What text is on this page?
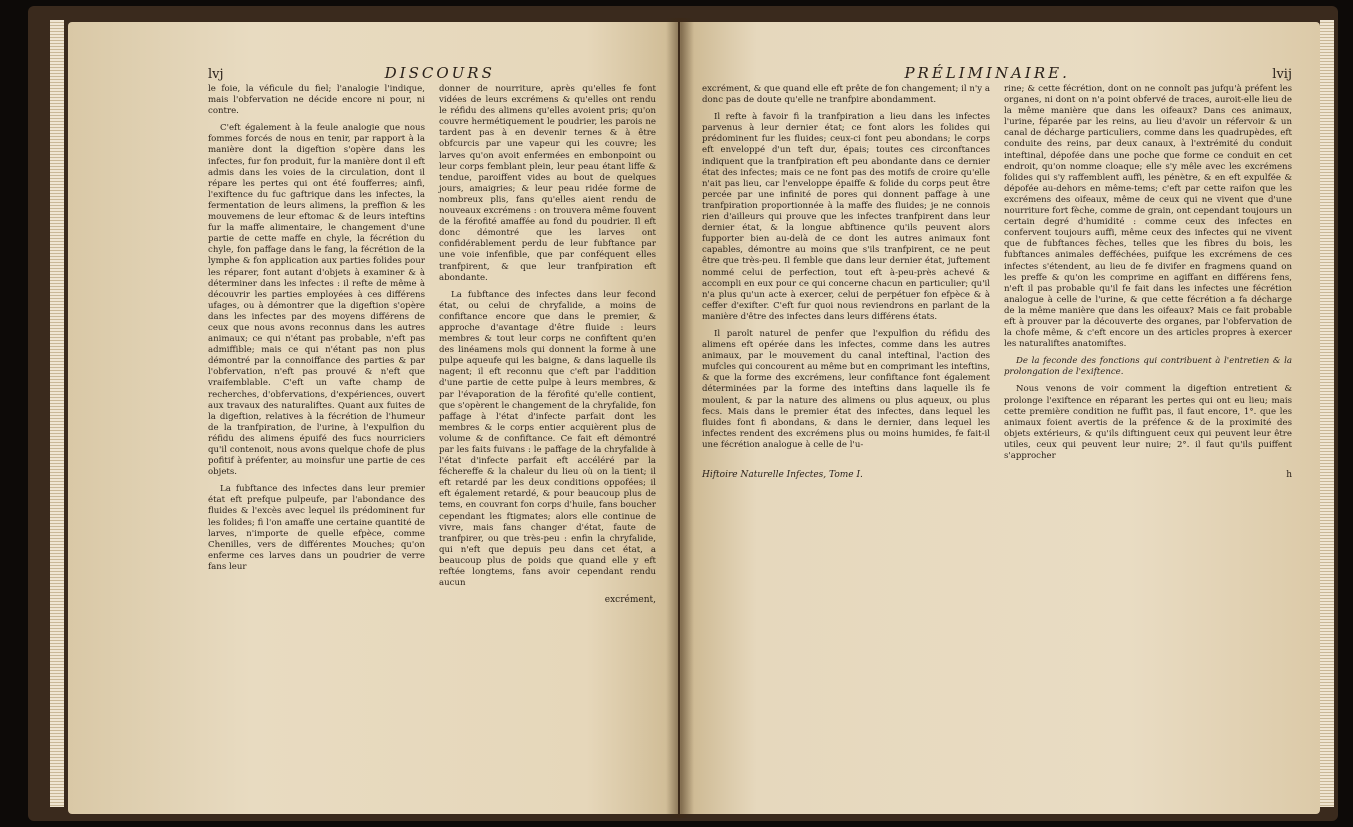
lvj	DISCOURS

le foie, la véficule du fiel; l'analogie l'indique, mais l'obfervation ne décide encore ni pour, ni contre.

C'eft également à la feule analogie que nous fommes forcés de nous en tenir, par rapport à la manière dont la digeftion s'opère dans les infectes, fur fon produit, fur la manière dont il eft admis dans les voies de la circulation, dont il répare les pertes qui ont été foufferres; ainfi, l'exiftence du fuc gaftrique dans les infectes, la fermentation de leurs alimens, la preffion & les mouvemens de leur eftomac & de leurs inteftins fur la maffe alimentaire, le changement d'une partie de cette maffe en chyle, la fécrétion du chyle, fon paffage dans le fang, la fécrétion de la lymphe & fon application aux parties folides pour les réparer, font autant d'objets à examiner & à déterminer dans les infectes : il refte de même à découvrir les parties employées à ces différens ufages, ou à démontrer que la digeftion s'opère dans les infectes par des moyens différens de ceux que nous avons reconnus dans les autres animaux; ce qui n'étant pas probable, n'eft pas admiffible; mais ce qui n'étant pas non plus démontré par la connoiffance des parties & par l'obfervation, n'eft pas prouvé & n'eft que vraifemblable. C'eft un vafte champ de recherches, d'obfervations, d'expériences, ouvert aux travaux des naturaliftes. Quant aux fuites de la digeftion, relatives à la fécrétion de l'humeur de la tranfpiration, de l'urine, à l'expulfion du réfidu des alimens épuifé des fucs nourriciers qu'il contenoit, nous avons quelque chofe de plus pofitif à préfenter, au moinsfur une partie de ces objets.

La fubftance des infectes dans leur premier état eft prefque pulpeufe, par l'abondance des fluides & l'excès avec lequel ils prédominent fur les folides; fi l'on amaffe une certaine quantité de larves, n'importe de quelle efpèce, comme Chenilles, vers de différentes Mouches; qu'on enferme ces larves dans un poudrier de verre fans leur

donner de nourriture, après qu'elles fe font vidées de leurs excrémens & qu'elles ont rendu le réfidu des alimens qu'elles avoient pris; qu'on couvre hermétiquement le poudrier, les parois ne tardent pas à en devenir ternes & à être obfcurcis par une vapeur qui les couvre; les larves qu'on avoit enfermées en embonpoint ou leur corps femblant plein, leur peau étant liffe & tendue, paroiffent vides au bout de quelques jours, amaigries; & leur peau ridée forme de nombreux plis, fans qu'elles aient rendu de nouveaux excrémens : on trouvera même fouvent de la férofité amaffée au fond du poudrier. Il eft donc démontré que les larves ont confidérablement perdu de leur fubftance par une voie infenfible, que par conféquent elles tranfpirent, & que leur tranfpiration eft abondante.

La fubftance des infectes dans leur fecond état, ou celui de chryfalide, a moins de confiftance encore que dans le premier, & approche d'avantage d'être fluide : leurs membres & tout leur corps ne confiftent qu'en des linéamens mols qui donnent la forme à une pulpe aqueufe qui les baigne, & dans laquelle ils nagent; il eft reconnu que c'eft par l'addition d'une partie de cette pulpe à leurs membres, & par l'évaporation de la férofité qu'elle contient, que s'opèrent le changement de la chryfalide, fon paffage à l'état d'infecte parfait dont les membres & le corps entier acquièrent plus de volume & de confiftance. Ce fait eft démontré par les faits fuivans : le paffage de la chryfalide à l'état d'infecte parfait eft accéléré par la féchereffe & la chaleur du lieu où on la tient; il eft retardé par les deux conditions oppofées; il eft également retardé, & pour beaucoup plus de tems, en couvrant fon corps d'huile, fans boucher cependant les ftigmates; alors elle continue de vivre, mais fans changer d'état, faute de tranfpirer, ou que très-peu : enfin la chryfalide, qui n'eft que depuis peu dans cet état, a beaucoup plus de poids que quand elle y eft reftée longtems, fans avoir cependant rendu aucun

excrément,
PRÉLIMINAIRE.	lvij

excrément, & que quand elle eft prête de fon changement; il n'y a donc pas de doute qu'elle ne tranfpire abondamment.

Il refte à favoir fi la tranfpiration a lieu dans les infectes parvenus à leur dernier état; ce font alors les folides qui prédominent fur les fluides; ceux-ci font peu abondans; le corps eft enveloppé d'un teft dur, épais; toutes ces circonftances indiquent que la tranfpiration eft peu abondante dans ce dernier état des infectes; mais ce ne font pas des motifs de croire qu'elle n'ait pas lieu, car l'enveloppe épaiffe & folide du corps peut être percée par une infinité de pores qui donnent paffage à une tranfpiration proportionnée à la maffe des fluides; je ne connois rien d'ailleurs qui prouve que les infectes tranfpirent dans leur dernier état, & la longue abftinence qu'ils peuvent alors fupporter bien au-delà de ce dont les autres animaux font capables, démontre au moins que s'ils tranfpirent, ce ne peut être que très-peu. Il femble que dans leur dernier état, juftement nommé celui de perfection, tout eft à-peu-près achevé & accompli en eux pour ce qui concerne chacun en particulier; qu'il n'a plus qu'un acte à exercer, celui de perpétuer fon efpèce & à ceffer d'exifter. C'eft fur quoi nous reviendrons en parlant de la manière d'être des infectes dans leurs différens états.

Il paroît naturel de penfer que l'expulfion du réfidu des alimens eft opérée dans les infectes, comme dans les autres animaux, par le mouvement du canal inteftinal, l'action des mufcles qui concourent au même but en comprimant les inteftins, & que la forme des excrémens, leur confiftance font également déterminées par la forme des inteftins dans laquelle ils fe moulent, & par la nature des alimens ou plus aqueux, ou plus fecs. Mais dans le premier état des infectes, dans lequel les fluides font fi abondans, & dans le dernier, dans lequel les infectes rendent des excrémens plus ou moins humides, fe fait-il une fécrétion analogue à celle de l'u-

rine; & cette fécrétion, dont on ne connoît pas jufqu'à préfent les organes, ni dont on n'a point obfervé de traces, auroit-elle lieu de la même manière que dans les oifeaux? Dans ces animaux, l'urine, féparée par les reins, au lieu d'avoir un réfervoir & un canal de décharge particuliers, comme dans les quadrupèdes, eft conduite des reins, par deux canaux, à l'extrémité du conduit inteftinal, dépofée dans une poche que forme ce conduit en cet endroit, qu'on nomme cloaque; elle s'y mêle avec les excrémens folides qui s'y raffemblent auffi, les pénètre, & en eft expulfée & dépofée au-dehors en même-tems; c'eft par cette raifon que les excrémens des oifeaux, même de ceux qui ne vivent que d'une nourriture fort fèche, comme de grain, ont cependant toujours un certain degré d'humidité : comme ceux des infectes en confervent toujours auffi, même ceux des infectes qui ne vivent que de fubftances fèches, telles que les fibres du bois, les fubftances animales defféchées, puifque les excrémens de ces infectes s'étendent, au lieu de fe divifer en fragmens quand on les preffe & qu'on les comprime en agiffant en différens fens, n'eft il pas probable qu'il fe fait dans les infectes une fécrétion analogue à celle de l'urine, & que cette fécrétion a fa décharge de la même manière que dans les oifeaux? Mais ce fait probable eft à prouver par la découverte des organes, par l'obfervation de la chofe même, & c'eft encore un des articles propres à exercer les naturaliftes anatomiftes.

De la feconde des fonctions qui contribuent à l'entretien & la prolongation de l'exiftence.

Nous venons de voir comment la digeftion entretient & prolonge l'exiftence en réparant les pertes qui ont eu lieu; mais cette première condition ne fuffit pas, il faut encore, 1°. que les animaux foient avertis de la préfence & de la proximité des objets extérieurs, & qu'ils diftinguent ceux qui peuvent leur être utiles, ceux qui peuvent leur nuire; 2°. il faut qu'ils puiffent s'approcher

Hiftoire Naturelle Infectes, Tome I.	h
